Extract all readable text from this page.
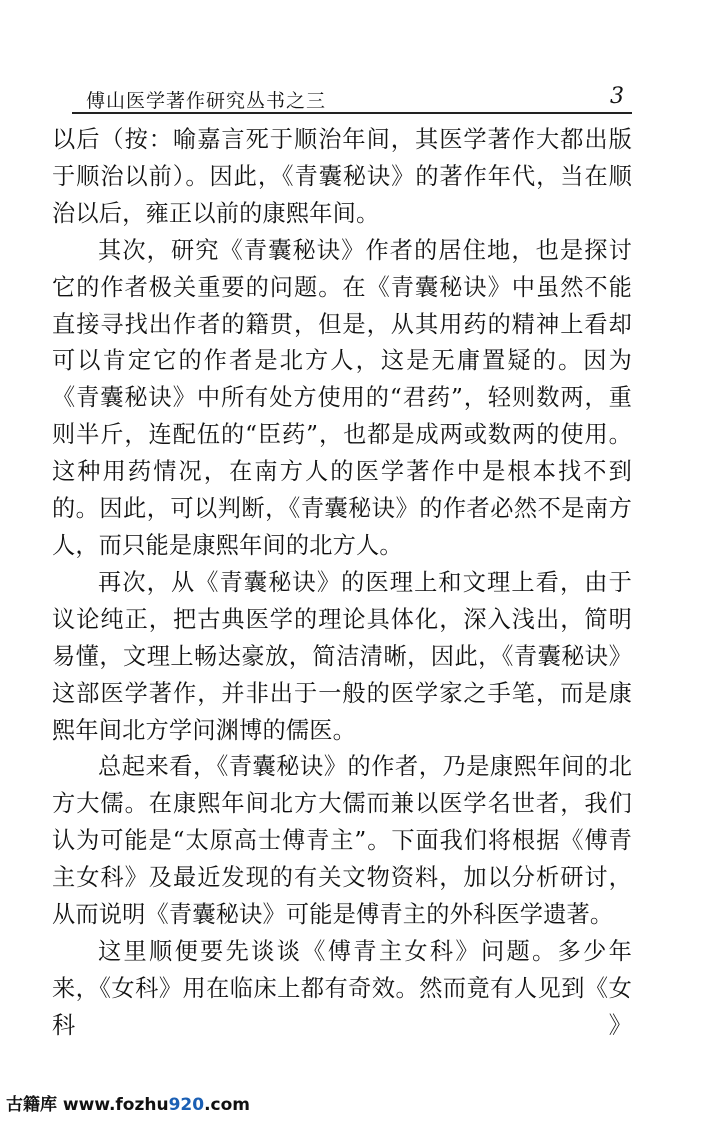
傅山医学著作研究丛书之三	3

以后（按：喻嘉言死于顺治年间，其医学著作大都出版于顺治以前）。因此，《青囊秘诀》的著作年代，当在顺治以后，雍正以前的康熙年间。

其次，研究《青囊秘诀》作者的居住地，也是探讨它的作者极关重要的问题。在《青囊秘诀》中虽然不能直接寻找出作者的籍贯，但是，从其用药的精神上看却可以肯定它的作者是北方人，这是无庸置疑的。因为《青囊秘诀》中所有处方使用的“君药”，轻则数两，重则半斤，连配伍的“臣药”，也都是成两或数两的使用。这种用药情况，在南方人的医学著作中是根本找不到的。因此，可以判断，《青囊秘诀》的作者必然不是南方人，而只能是康熙年间的北方人。

再次，从《青囊秘诀》的医理上和文理上看，由于议论纯正，把古典医学的理论具体化，深入浅出，简明易懂，文理上畅达豪放，简洁清晰，因此，《青囊秘诀》这部医学著作，并非出于一般的医学家之手笔，而是康熙年间北方学问渊博的儒医。

总起来看，《青囊秘诀》的作者，乃是康熙年间的北方大儒。在康熙年间北方大儒而兼以医学名世者，我们认为可能是“太原高士傅青主”。下面我们将根据《傅青主女科》及最近发现的有关文物资料，加以分析研讨，从而说明《青囊秘诀》可能是傅青主的外科医学遗著。

这里顺便要先谈谈《傅青主女科》问题。多少年来，《女科》用在临床上都有奇效。然而竟有人见到《女科》

古籍库 www.fozhu920.com
